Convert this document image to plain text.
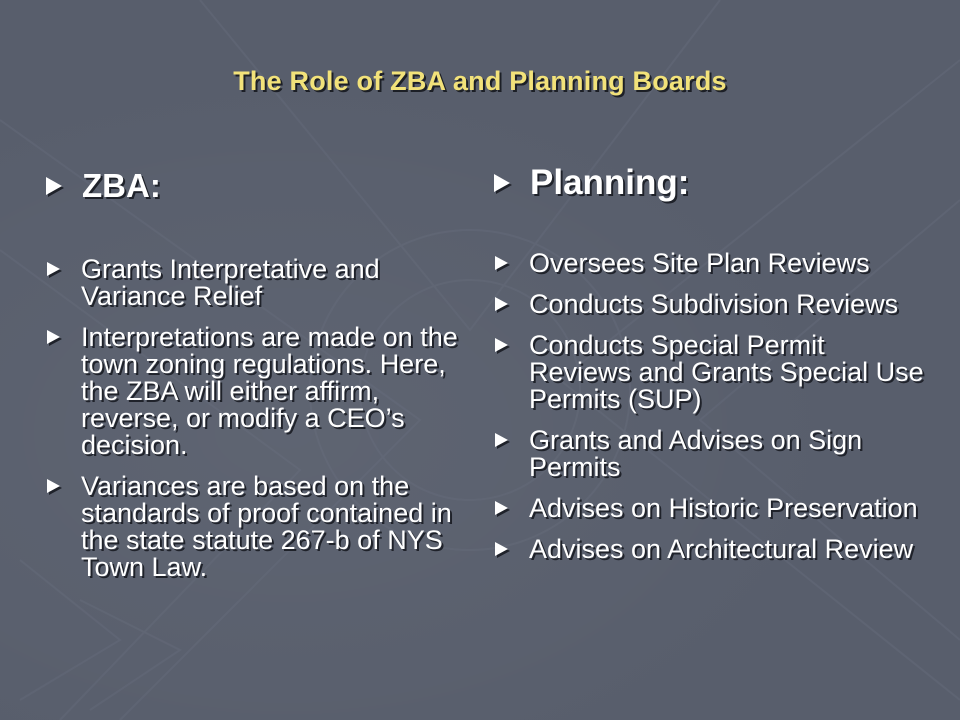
The Role of ZBA and Planning Boards
ZBA:
Grants Interpretative and Variance Relief
Interpretations are made on the town zoning regulations. Here, the ZBA will either affirm, reverse, or modify a CEO’s decision.
Variances are based on the standards of proof contained in the state statute 267-b of NYS Town Law.
Planning:
Oversees Site Plan Reviews
Conducts Subdivision Reviews
Conducts Special Permit Reviews and Grants Special Use Permits (SUP)
Grants and Advises on Sign Permits
Advises on Historic Preservation
Advises on Architectural Review
